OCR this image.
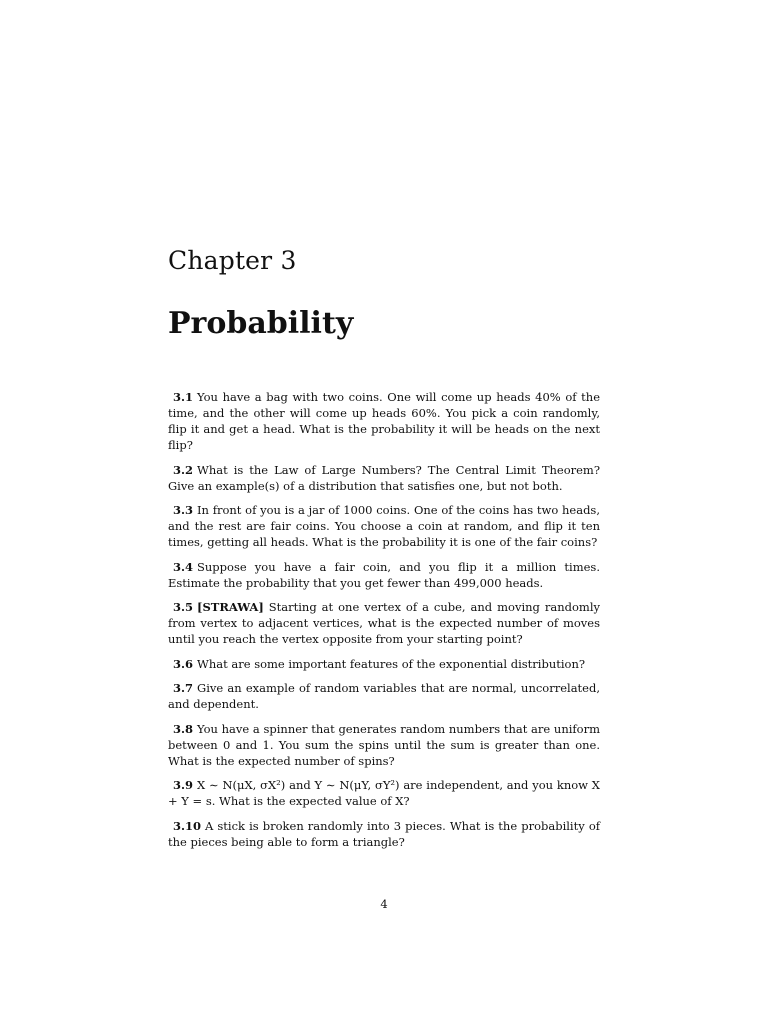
Chapter 3
Probability

3.1 You have a bag with two coins. One will come up heads 40% of the time, and the other will come up heads 60%. You pick a coin randomly, flip it and get a head. What is the probability it will be heads on the next flip?

3.2 What is the Law of Large Numbers? The Central Limit Theorem? Give an example(s) of a distribution that satisfies one, but not both.

3.3 In front of you is a jar of 1000 coins. One of the coins has two heads, and the rest are fair coins. You choose a coin at random, and flip it ten times, getting all heads. What is the probability it is one of the fair coins?

3.4 Suppose you have a fair coin, and you flip it a million times. Estimate the probability that you get fewer than 499,000 heads.

3.5 [STRAWA] Starting at one vertex of a cube, and moving randomly from vertex to adjacent vertices, what is the expected number of moves until you reach the vertex opposite from your starting point?

3.6 What are some important features of the exponential distribution?

3.7 Give an example of random variables that are normal, uncorrelated, and dependent.

3.8 You have a spinner that generates random numbers that are uniform between 0 and 1. You sum the spins until the sum is greater than one. What is the expected number of spins?

3.9 X ∼ N(μX, σX²) and Y ∼ N(μY, σY²) are independent, and you know X + Y = s. What is the expected value of X?

3.10 A stick is broken randomly into 3 pieces. What is the probability of the pieces being able to form a triangle?

4
